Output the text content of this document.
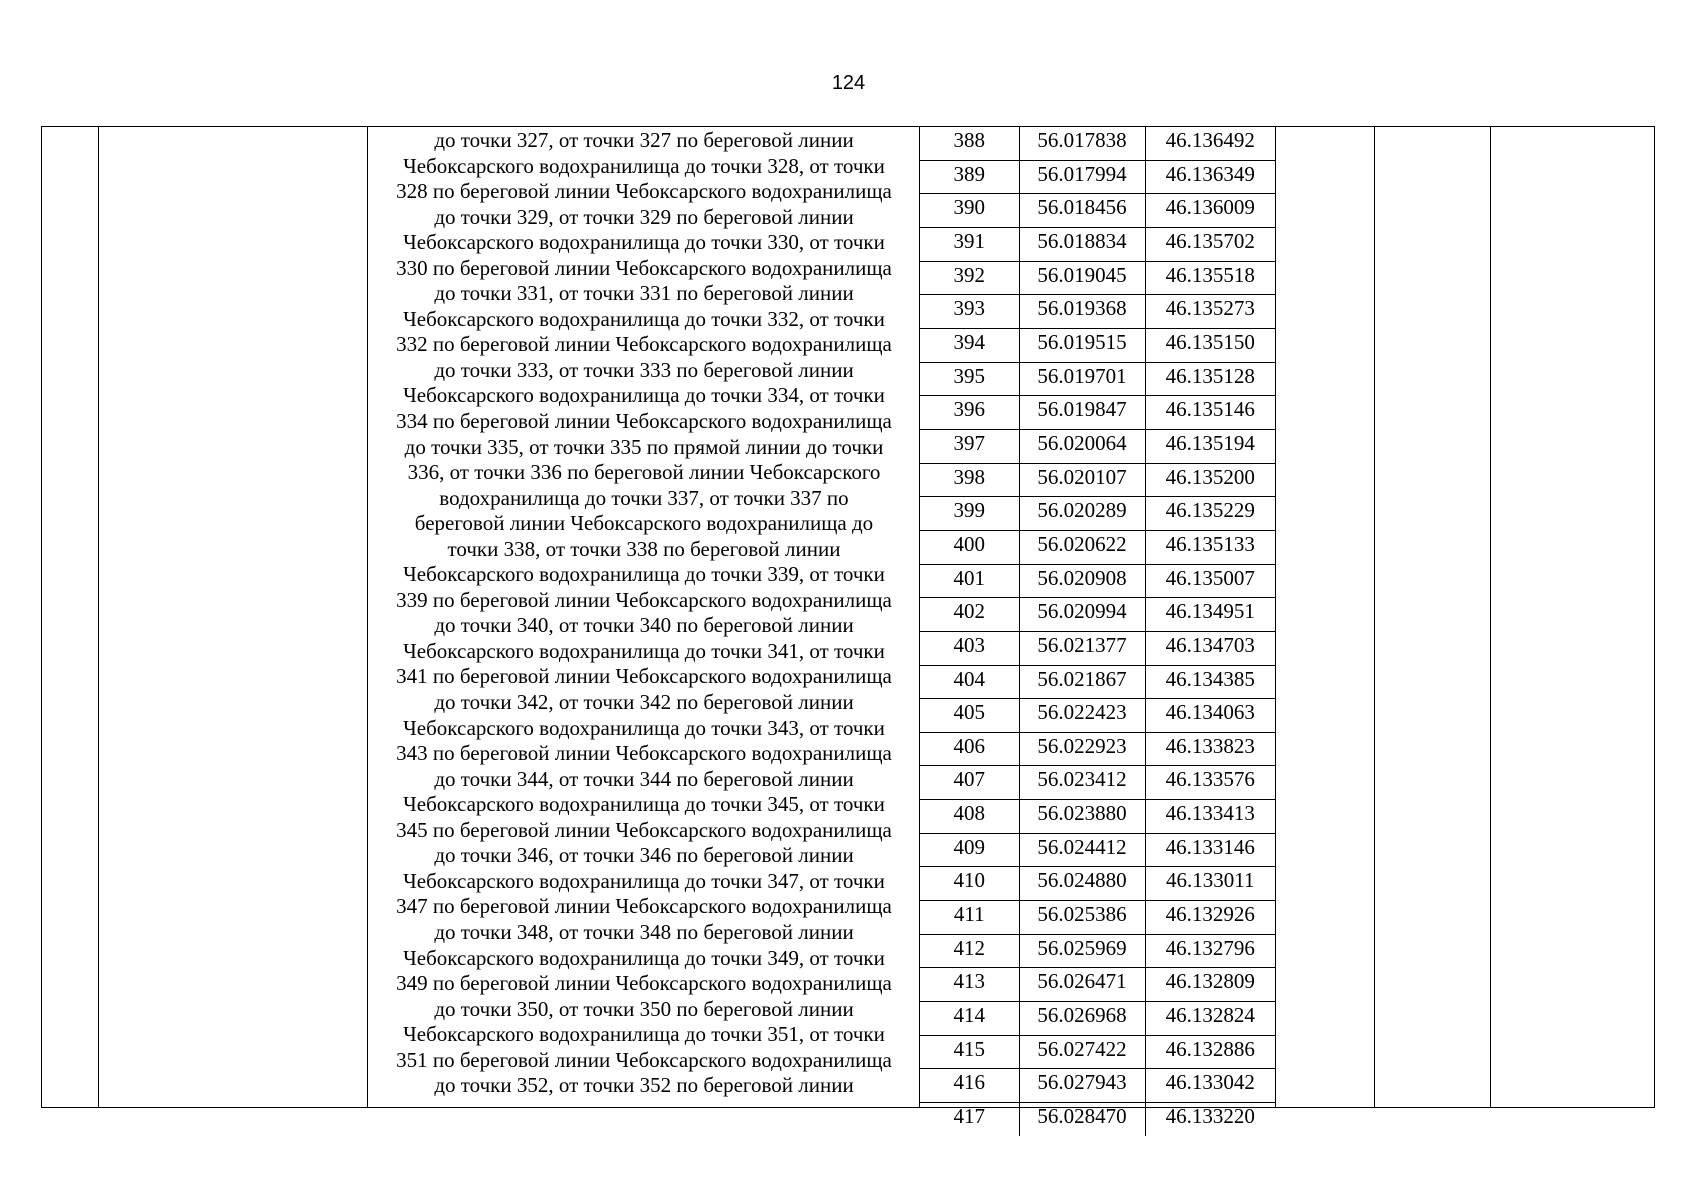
124
до точки 327, от точки 327 по береговой линии
Чебоксарского водохранилища до точки 328, от точки
328 по береговой линии Чебоксарского водохранилища
до точки 329, от точки 329 по береговой линии
Чебоксарского водохранилища до точки 330, от точки
330 по береговой линии Чебоксарского водохранилища
до точки 331, от точки 331 по береговой линии
Чебоксарского водохранилища до точки 332, от точки
332 по береговой линии Чебоксарского водохранилища
до точки 333, от точки 333 по береговой линии
Чебоксарского водохранилища до точки 334, от точки
334 по береговой линии Чебоксарского водохранилища
до точки 335, от точки 335 по прямой линии до точки
336, от точки 336 по береговой линии Чебоксарского
водохранилища до точки 337, от точки 337 по
береговой линии Чебоксарского водохранилища до
точки 338, от точки 338 по береговой линии
Чебоксарского водохранилища до точки 339, от точки
339 по береговой линии Чебоксарского водохранилища
до точки 340, от точки 340 по береговой линии
Чебоксарского водохранилища до точки 341, от точки
341 по береговой линии Чебоксарского водохранилища
до точки 342, от точки 342 по береговой линии
Чебоксарского водохранилища до точки 343, от точки
343 по береговой линии Чебоксарского водохранилища
до точки 344, от точки 344 по береговой линии
Чебоксарского водохранилища до точки 345, от точки
345 по береговой линии Чебоксарского водохранилища
до точки 346, от точки 346 по береговой линии
Чебоксарского водохранилища до точки 347, от точки
347 по береговой линии Чебоксарского водохранилища
до точки 348, от точки 348 по береговой линии
Чебоксарского водохранилища до точки 349, от точки
349 по береговой линии Чебоксарского водохранилища
до точки 350, от точки 350 по береговой линии
Чебоксарского водохранилища до точки 351, от точки
351 по береговой линии Чебоксарского водохранилища
до точки 352, от точки 352 по береговой линии
388	56.017838	46.136492
389	56.017994	46.136349
390	56.018456	46.136009
391	56.018834	46.135702
392	56.019045	46.135518
393	56.019368	46.135273
394	56.019515	46.135150
395	56.019701	46.135128
396	56.019847	46.135146
397	56.020064	46.135194
398	56.020107	46.135200
399	56.020289	46.135229
400	56.020622	46.135133
401	56.020908	46.135007
402	56.020994	46.134951
403	56.021377	46.134703
404	56.021867	46.134385
405	56.022423	46.134063
406	56.022923	46.133823
407	56.023412	46.133576
408	56.023880	46.133413
409	56.024412	46.133146
410	56.024880	46.133011
411	56.025386	46.132926
412	56.025969	46.132796
413	56.026471	46.132809
414	56.026968	46.132824
415	56.027422	46.132886
416	56.027943	46.133042
417	56.028470	46.133220
